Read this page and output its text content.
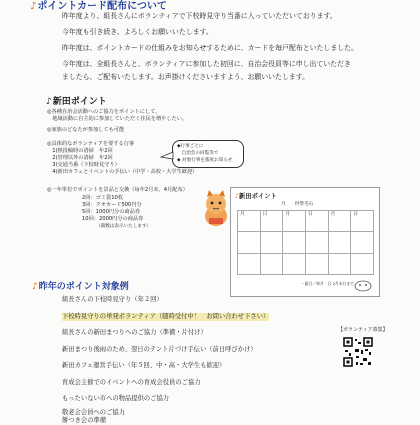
♪ポイントカード配布について
昨年度より、組長さんにボランティアで下校時見守り当番に入っていただいております。
今年度も引き続き、よろしくお願いいたします。
昨年度は、ポイントカードの仕組みをお知らせするために、カードを毎戸配布といたしました。
今年度は、全組長さんと、ボランティアに参加した初回に、自治会役員等に申し出ていただき
ましたら、ご配布いたします。お声掛けくださいますよう、お願いいたします。
♪新田ポイント
◎各種自治会活動へのご協力をポイントにして、
　地域活動に自主的に参加していただく住民を増やしたい。
◎家族のどなたが参加しても可能
◎具体的なボランティアを要する行事
　1)熱投稿時の清掃　年2回
　2)管理以外の清掃　年2回
　3)交通当番（下校時見守り）
　4)新田カフェとイベントの手伝い（中学・高校・大学生歓迎）
◆行事ごとに
　自治会の回覧等で
◆ 対象行事を都度お知らせ
◎一年単位でポイントを景品と交換（毎年2月末、4月配布）
2回：ゴミ袋10枚
3回：クオカード500円分
5回：1000円分の商品券
10回：2000円分の商品券
（満数は表示いたします）
♪新田ポイント
月　　世帯毛石
月	日	月	日	月	日
・組日／毎月　日 2月末日まで
♪昨年のポイント対象例
組長さんの下校時見守り（年２回）
下校時見守りの単発ボランティア（随時受付中！　お問い合わせ下さい）
組長さんの新田まつりへのご協力（準備・片付け）
新田まつり後雨のため、翌日のテント片づけ手伝い（前日呼びかけ）
新田カフェ運営手伝い（年５回、中・高・大学生も歓迎）
育成会主催でのイベントへの育成会役員のご協力
もったいない市への物品提供のご協力
敬老会会員へのご協力
餅つき会の準備
【ボランティア募集】
